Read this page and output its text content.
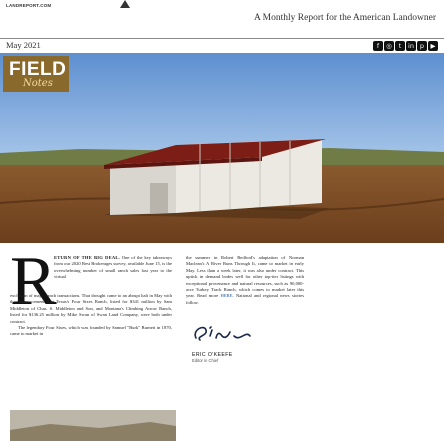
LANDREPORT.COM
A Monthly Report for the American Landowner
May 2021	f	◎	t	in p ▶
FIELD
Notes
R
ETURN OF THE BIG DEAL. One of the key takeaways from our 2020 Best Brokerages survey, available June 15, is the overwhelming number of small ranch sales last year to the virtual

exclusion of major ranch transactions. That drought came to an abrupt halt in May with the announcement that Texas's Four Sixes Ranch, listed for $341 million by Sam Middleton of Chas. S. Middleton and Son, and Montana's Climbing Arrow Ranch, listed for $136.25 million by Mike Swan of Swan Land Company, were both under contract.

The legendary Four Sixes, which was founded by Samuel "Burk" Burnett in 1870, came to market in

the summer in Robert Redford's adaptation of Norman Maclean's A River Runs Through It, came to market in early May. Less than a week later, it was also under contract. This uptick in demand bodes well for other top-tier listings with exceptional provenance and natural resources, such as 90,000-acre Turkey Track Ranch, which comes to market later this year. Read more HERE. National and regional news stories follow.
ERIC O'KEEFE
Editor in Chief
